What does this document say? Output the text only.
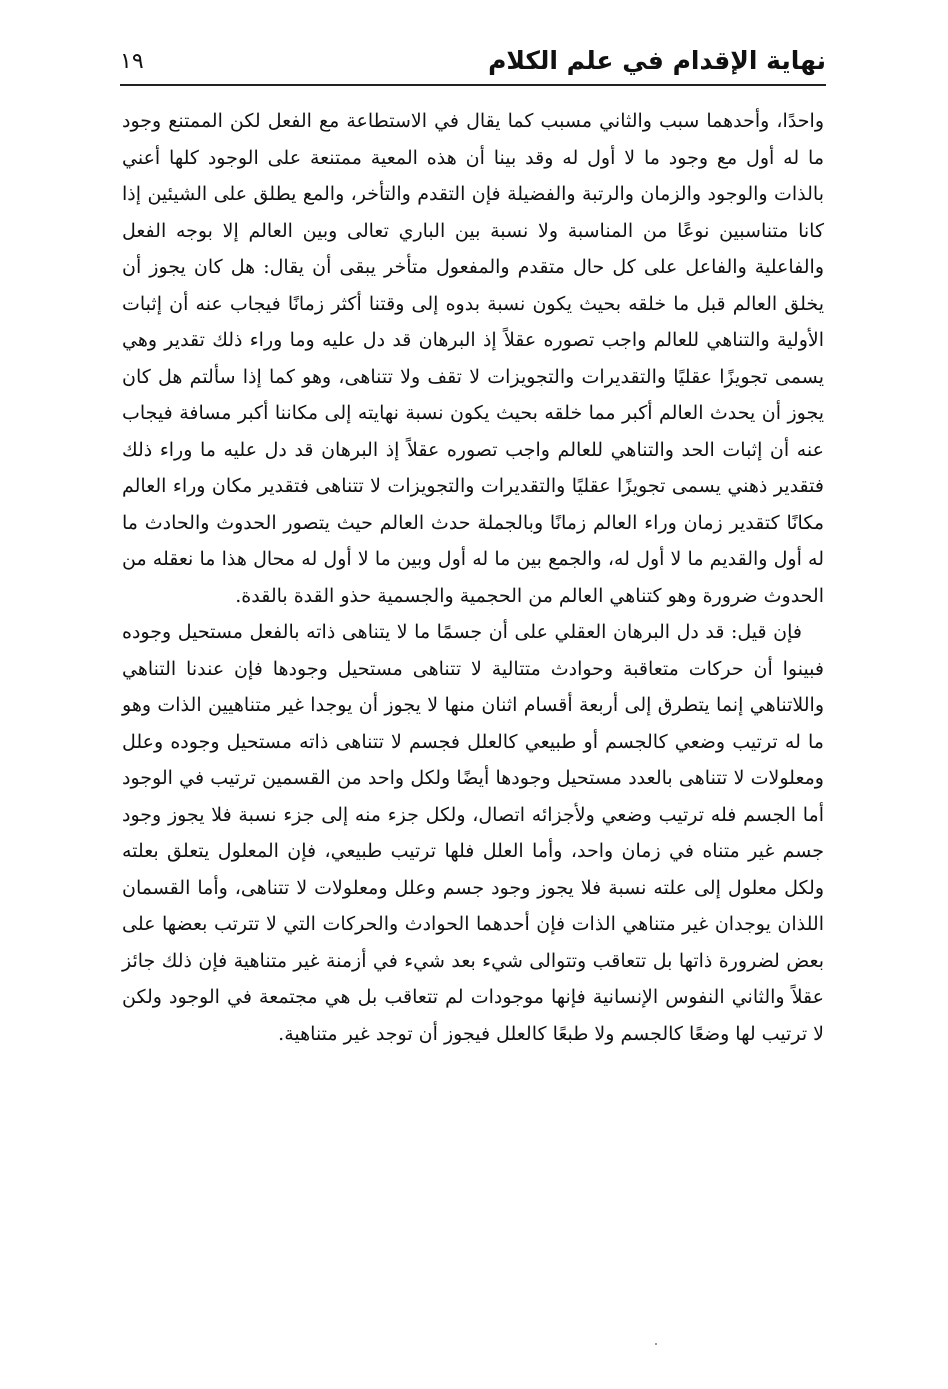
نهاية الإقدام في علم الكلام
١٩

واحدًا، وأحدهما سبب والثاني مسبب كما يقال في الاستطاعة مع الفعل لكن الممتنع وجود ما له أول مع وجود ما لا أول له وقد بينا أن هذه المعية ممتنعة على الوجود كلها أعني بالذات والوجود والزمان والرتبة والفضيلة فإن التقدم والتأخر، والمع يطلق على الشيئين إذا كانا متناسبين نوعًا من المناسبة ولا نسبة بين الباري تعالى وبين العالم إلا بوجه الفعل والفاعلية والفاعل على كل حال متقدم والمفعول متأخر يبقى أن يقال: هل كان يجوز أن يخلق العالم قبل ما خلقه بحيث يكون نسبة بدوه إلى وقتنا أكثر زمانًا فيجاب عنه أن إثبات الأولية والتناهي للعالم واجب تصوره عقلاً إذ البرهان قد دل عليه وما وراء ذلك تقدير وهي يسمى تجويزًا عقليًا والتقديرات والتجويزات لا تقف ولا تتناهى، وهو كما إذا سألتم هل كان يجوز أن يحدث العالم أكبر مما خلقه بحيث يكون نسبة نهايته إلى مكاننا أكبر مسافة فيجاب عنه أن إثبات الحد والتناهي للعالم واجب تصوره عقلاً إذ البرهان قد دل عليه ما وراء ذلك فتقدير ذهني يسمى تجويزًا عقليًا والتقديرات والتجويزات لا تتناهى فتقدير مكان وراء العالم مكانًا كتقدير زمان وراء العالم زمانًا وبالجملة حدث العالم حيث يتصور الحدوث والحادث ما له أول والقديم ما لا أول له، والجمع بين ما له أول وبين ما لا أول له محال هذا ما نعقله من الحدوث ضرورة وهو كتناهي العالم من الحجمية والجسمية حذو القدة بالقدة.

فإن قيل: قد دل البرهان العقلي على أن جسمًا ما لا يتناهى ذاته بالفعل مستحيل وجوده فبينوا أن حركات متعاقبة وحوادث متتالية لا تتناهى مستحيل وجودها فإن عندنا التناهي واللاتناهي إنما يتطرق إلى أربعة أقسام اثنان منها لا يجوز أن يوجدا غير متناهيين الذات وهو ما له ترتيب وضعي كالجسم أو طبيعي كالعلل فجسم لا تتناهى ذاته مستحيل وجوده وعلل ومعلولات لا تتناهى بالعدد مستحيل وجودها أيضًا ولكل واحد من القسمين ترتيب في الوجود أما الجسم فله ترتيب وضعي ولأجزائه اتصال، ولكل جزء منه إلى جزء نسبة فلا يجوز وجود جسم غير متناه في زمان واحد، وأما العلل فلها ترتيب طبيعي، فإن المعلول يتعلق بعلته ولكل معلول إلى علته نسبة فلا يجوز وجود جسم وعلل ومعلولات لا تتناهى، وأما القسمان اللذان يوجدان غير متناهي الذات فإن أحدهما الحوادث والحركات التي لا تترتب بعضها على بعض لضرورة ذاتها بل تتعاقب وتتوالى شيء بعد شيء في أزمنة غير متناهية فإن ذلك جائز عقلاً والثاني النفوس الإنسانية فإنها موجودات لم تتعاقب بل هي مجتمعة في الوجود ولكن لا ترتيب لها وضعًا كالجسم ولا طبعًا كالعلل فيجوز أن توجد غير متناهية.
